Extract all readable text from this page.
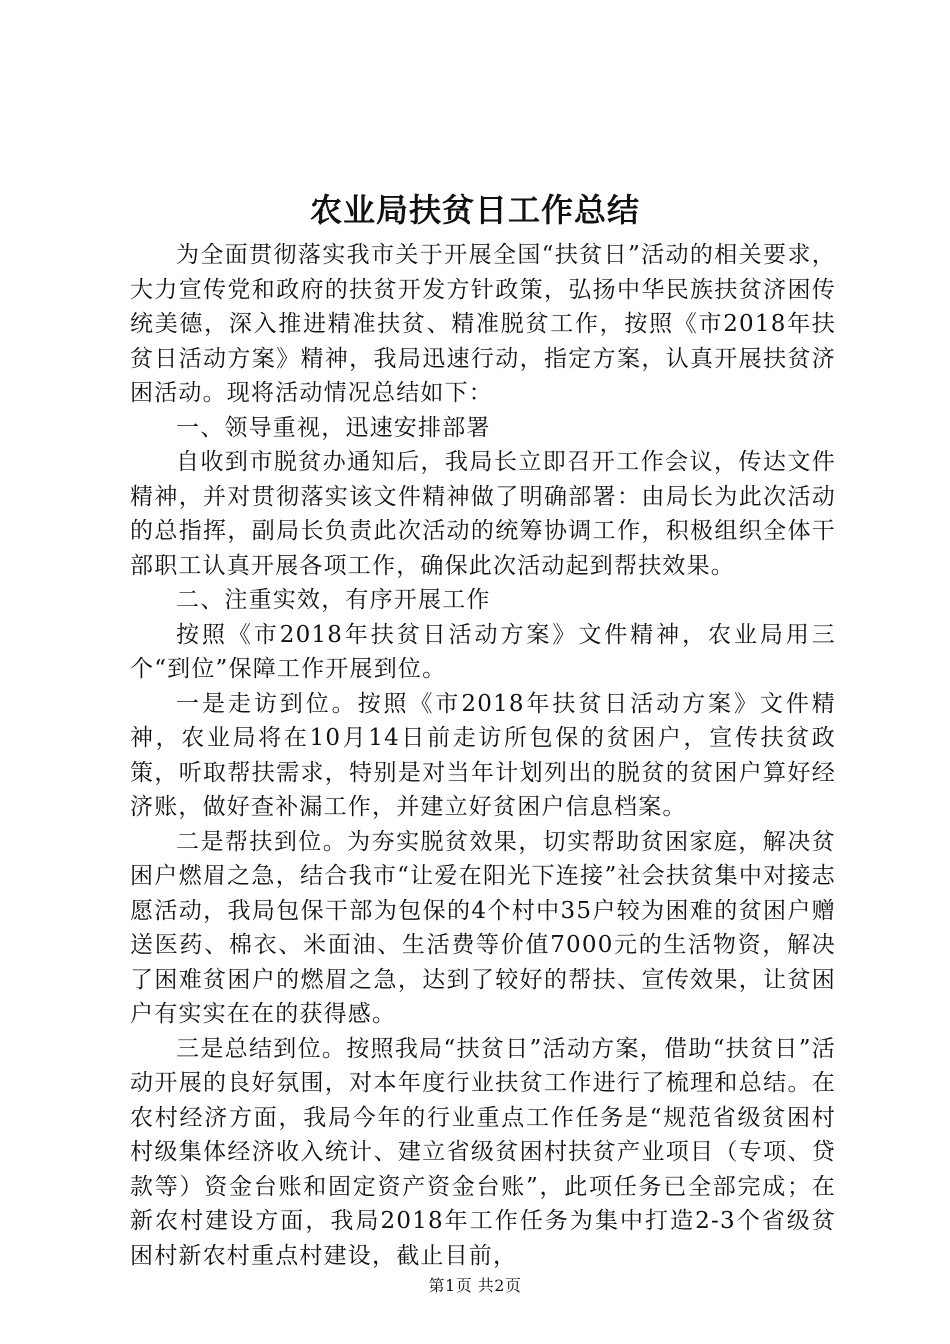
农业局扶贫日工作总结

为全面贯彻落实我市关于开展全国“扶贫日”活动的相关要求，大力宣传党和政府的扶贫开发方针政策，弘扬中华民族扶贫济困传统美德，深入推进精准扶贫、精准脱贫工作，按照《市2018年扶贫日活动方案》精神，我局迅速行动，指定方案，认真开展扶贫济困活动。现将活动情况总结如下：

一、领导重视，迅速安排部署

自收到市脱贫办通知后，我局长立即召开工作会议，传达文件精神，并对贯彻落实该文件精神做了明确部署：由局长为此次活动的总指挥，副局长负责此次活动的统筹协调工作，积极组织全体干部职工认真开展各项工作，确保此次活动起到帮扶效果。

二、注重实效，有序开展工作

按照《市2018年扶贫日活动方案》文件精神，农业局用三个“到位”保障工作开展到位。

一是走访到位。按照《市2018年扶贫日活动方案》文件精神，农业局将在10月14日前走访所包保的贫困户，宣传扶贫政策，听取帮扶需求，特别是对当年计划列出的脱贫的贫困户算好经济账，做好查补漏工作，并建立好贫困户信息档案。

二是帮扶到位。为夯实脱贫效果，切实帮助贫困家庭，解决贫困户燃眉之急，结合我市“让爱在阳光下连接”社会扶贫集中对接志愿活动，我局包保干部为包保的4个村中35户较为困难的贫困户赠送医药、棉衣、米面油、生活费等价值7000元的生活物资，解决了困难贫困户的燃眉之急，达到了较好的帮扶、宣传效果，让贫困户有实实在在的获得感。

三是总结到位。按照我局“扶贫日”活动方案，借助“扶贫日”活动开展的良好氛围，对本年度行业扶贫工作进行了梳理和总结。在农村经济方面，我局今年的行业重点工作任务是“规范省级贫困村村级集体经济收入统计、建立省级贫困村扶贫产业项目（专项、贷款等）资金台账和固定资产资金台账”，此项任务已全部完成；在新农村建设方面，我局2018年工作任务为集中打造2-3个省级贫困村新农村重点村建设，截止目前，

第1页 共2页
